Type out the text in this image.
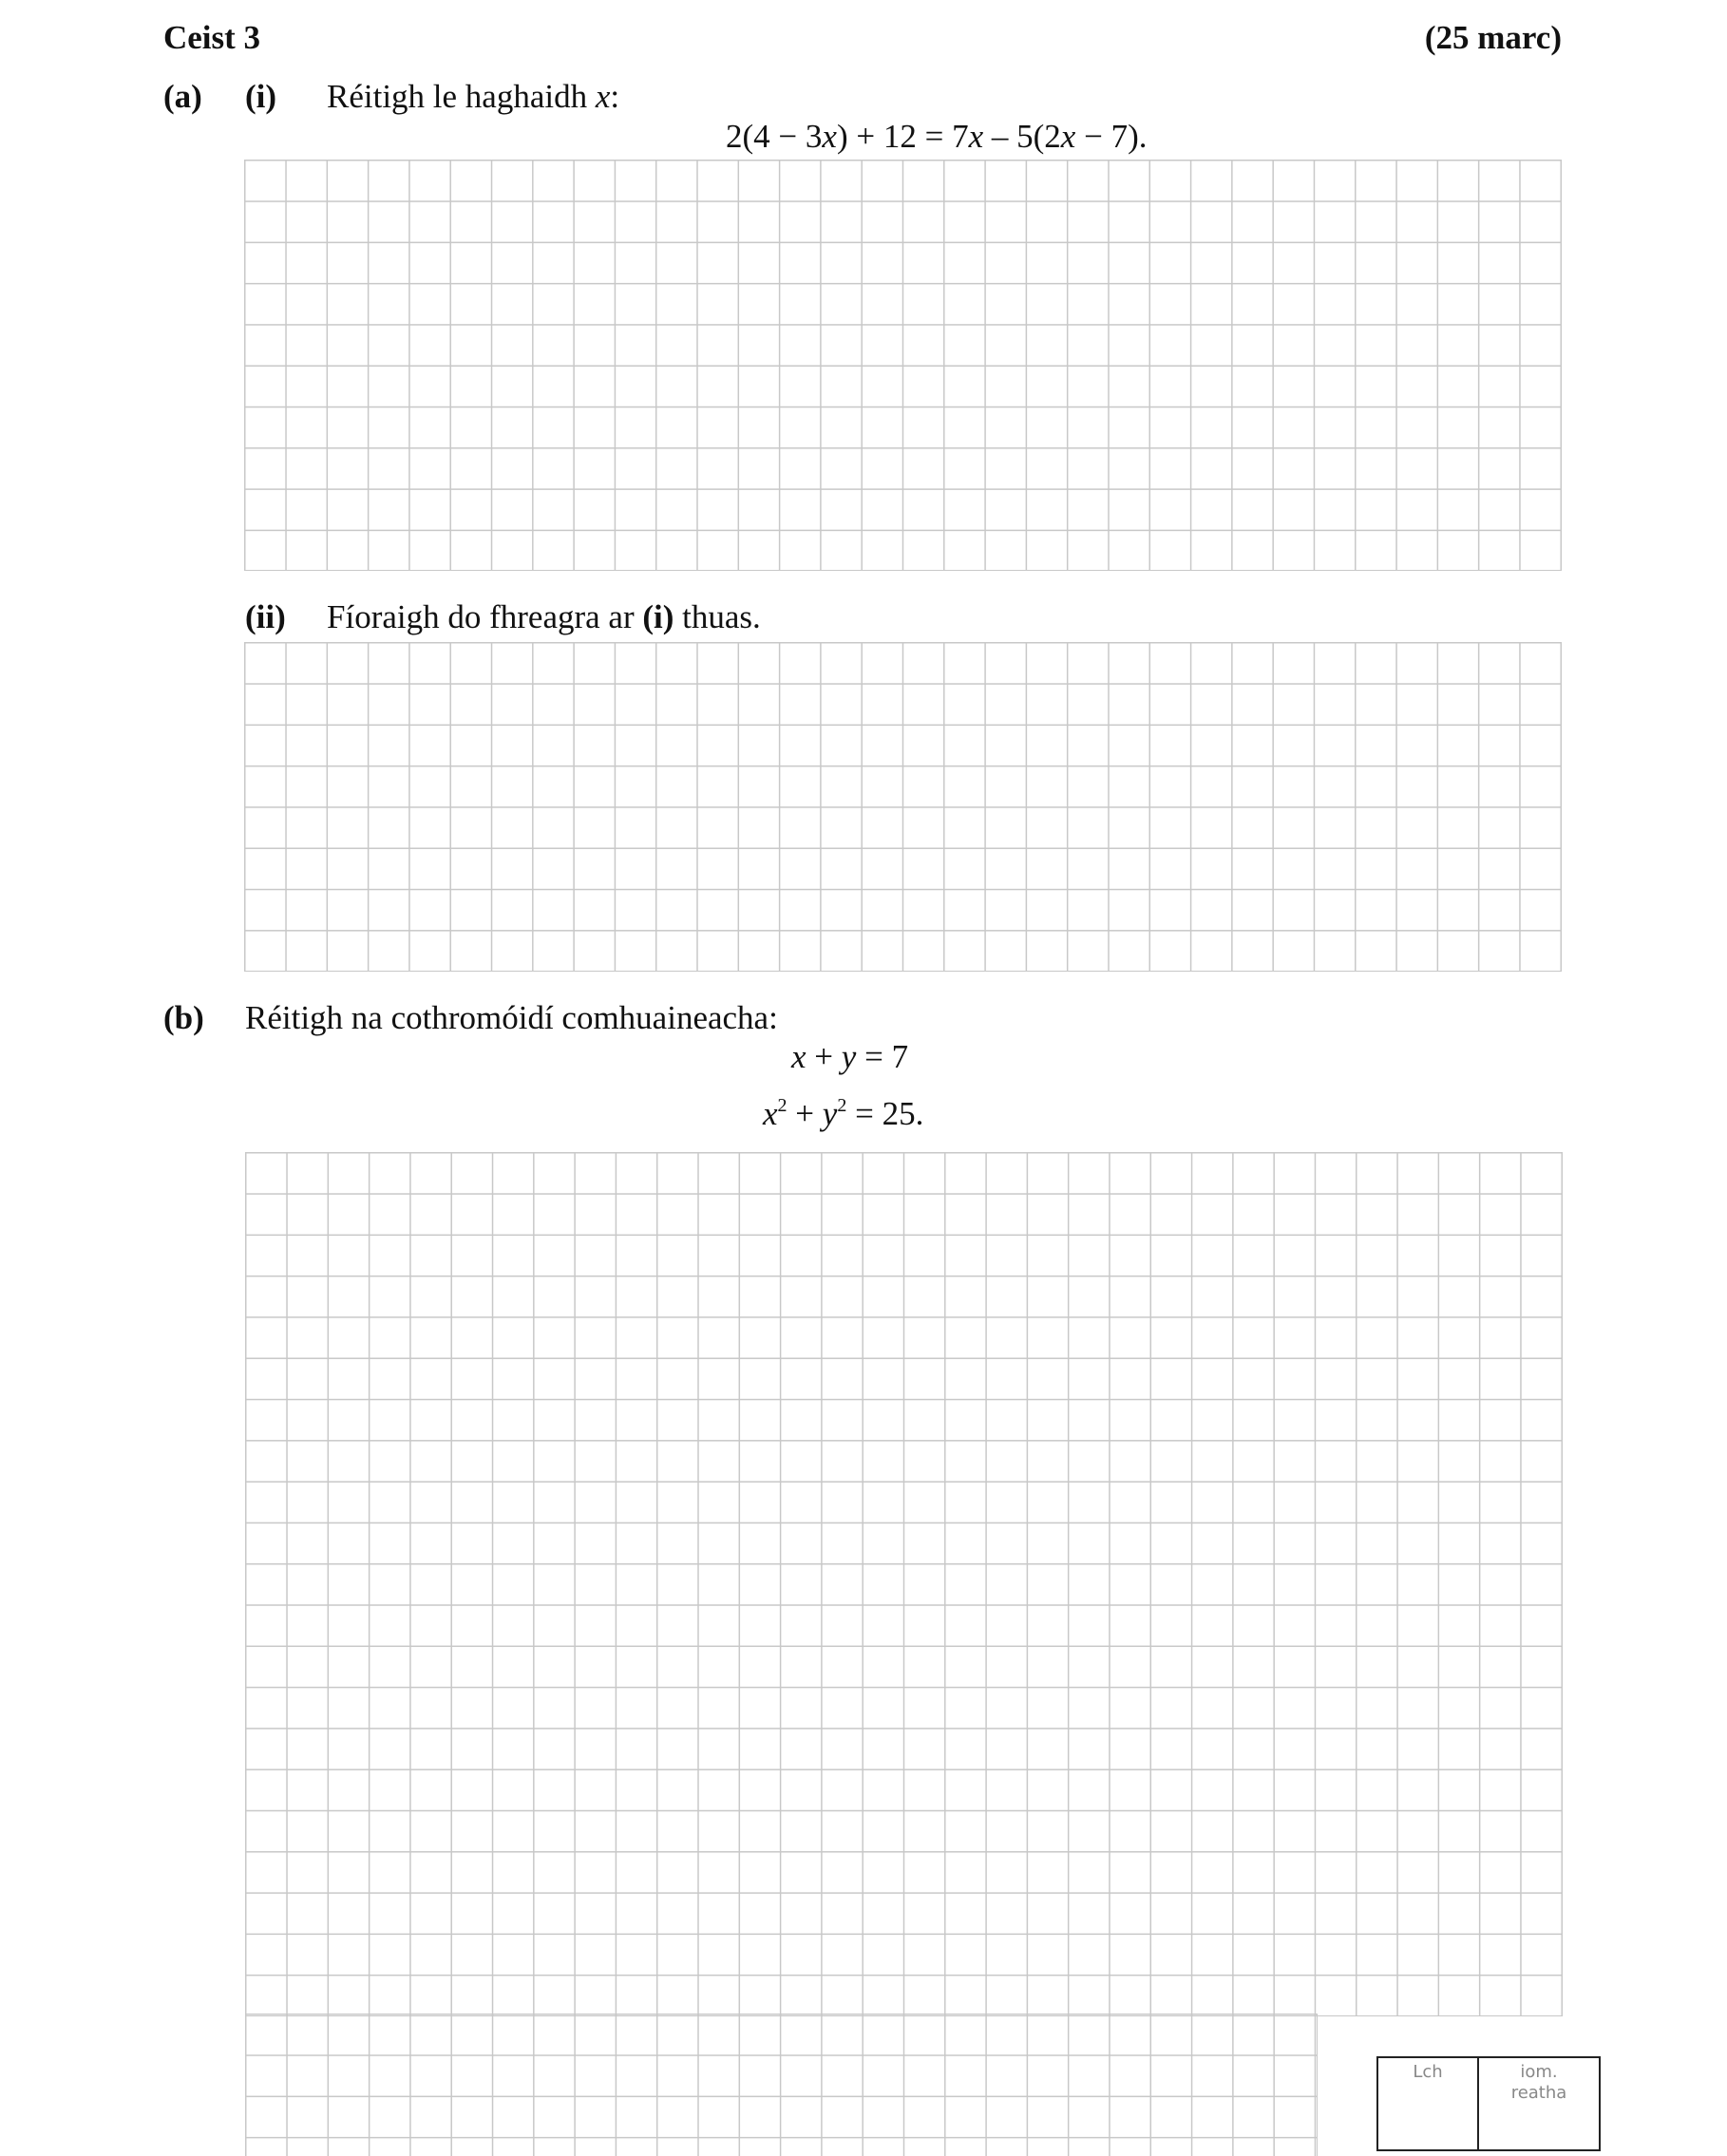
Ceist 3	(25 marc)
(a) (i) Réitigh le haghaidh x:
2(4 − 3x) + 12 = 7x – 5(2x − 7).
(ii) Fíoraigh do fhreagra ar (i) thuas.
(b) Réitigh na cothromóidí comhuaineacha:
x + y = 7
$x^2 + y^2 = 25$.
Lch	iom. reatha
